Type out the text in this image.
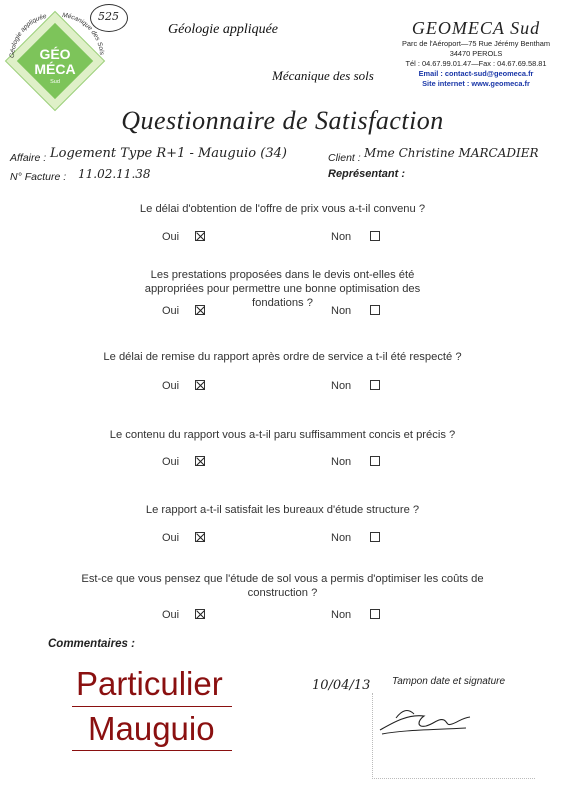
Géologie appliquée Mécanique des Sols
GÉO
MÉCA
Sud
525
Géologie appliquée
Mécanique des sols
GEOMECA Sud
Parc de l'Aéroport—75 Rue Jérémy Bentham
34470 PEROLS
Tél : 04.67.99.01.47—Fax : 04.67.69.58.81
Email : contact-sud@geomeca.fr
Site internet : www.geomeca.fr
Questionnaire de Satisfaction
Affaire : Logement Type R+1 - Mauguio (34)	Client : Mme Christine MARCADIER
N° Facture : 11.02.11.38	Représentant :
Le délai d'obtention de l'offre de prix vous a-t-il convenu ?
Oui	Non
Les prestations proposées dans le devis ont-elles été appropriées pour permettre une bonne optimisation des fondations ?
Oui	Non
Le délai de remise du rapport après ordre de service a t-il été respecté ?
Oui	Non
Le contenu du rapport vous a-t-il paru suffisamment concis et précis ?
Oui	Non
Le rapport a-t-il satisfait les bureaux d'étude structure ?
Oui	Non
Est-ce que vous pensez que l'étude de sol vous a permis d'optimiser les coûts de construction ?
Oui	Non
Commentaires :
Particulier
Mauguio
10/04/13 Tampon date et signature
